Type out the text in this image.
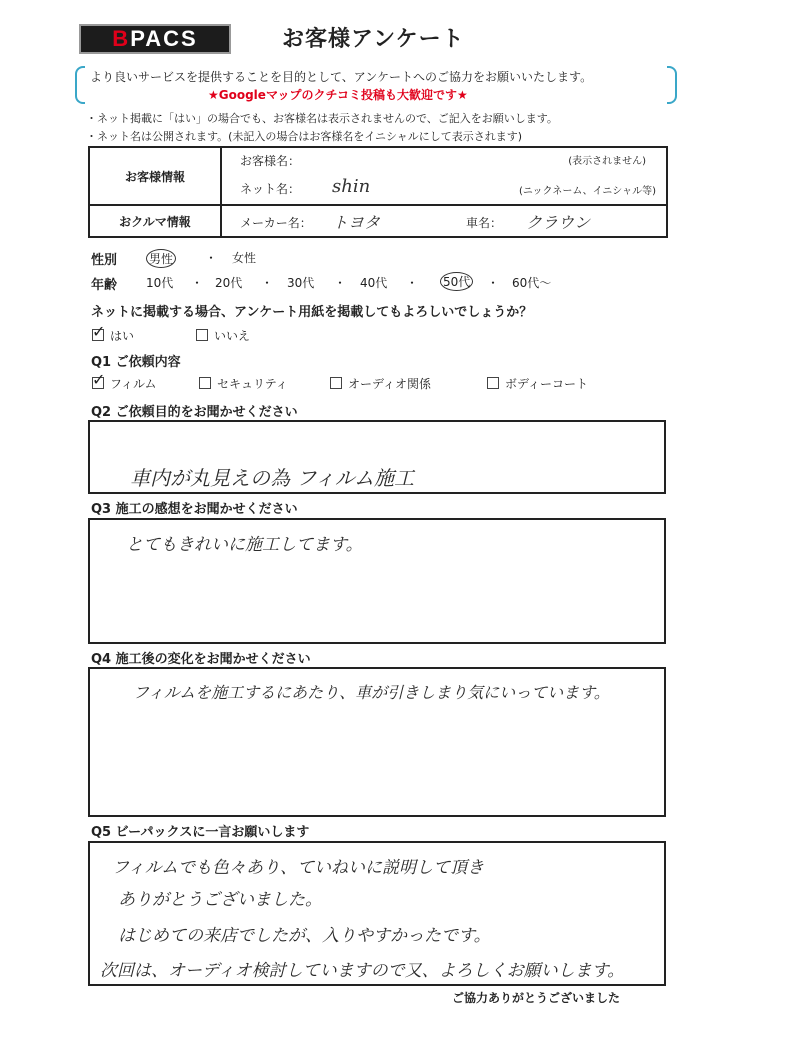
BPACS	お客様アンケート
より良いサービスを提供することを目的として、アンケートへのご協力をお願いいたします。
★Googleマップのクチコミ投稿も大歓迎です★
・ネット掲載に「はい」の場合でも、お客様名は表示されませんので、ご記入をお願いします。
・ネット名は公開されます。(未記入の場合はお客様名をイニシャルにして表示されます)
お客様情報	お客様名： (表示されません)
ネット名： shin (ニックネーム、イニシャル等)

おクルマ情報	メーカー名： トヨタ 車名： クラウン
性別	男性	・ 女性
年齢 10代 ・ 20代 ・ 30代 ・ 40代 ・ 50代 ・ 60代～
ネットに掲載する場合、アンケート用紙を掲載してもよろしいでしょうか？
✓はい	いいえ
Q1 ご依頼内容
✓フィルム	セキュリティ	オーディオ関係	ボディーコート
Q2 ご依頼目的をお聞かせください
車内が丸見えの為 フィルム施工
Q3 施工の感想をお聞かせください
とてもきれいに施工してます。
Q4 施工後の変化をお聞かせください
フィルムを施工するにあたり、車が引きしまり気にいっています。
Q5 ビーパックスに一言お願いします
フィルムでも色々あり、ていねいに説明して頂き
ありがとうございました。
はじめての来店でしたが、入りやすかったです。
次回は、オーディオ検討していますので又、よろしくお願いします。
ご協力ありがとうございました
